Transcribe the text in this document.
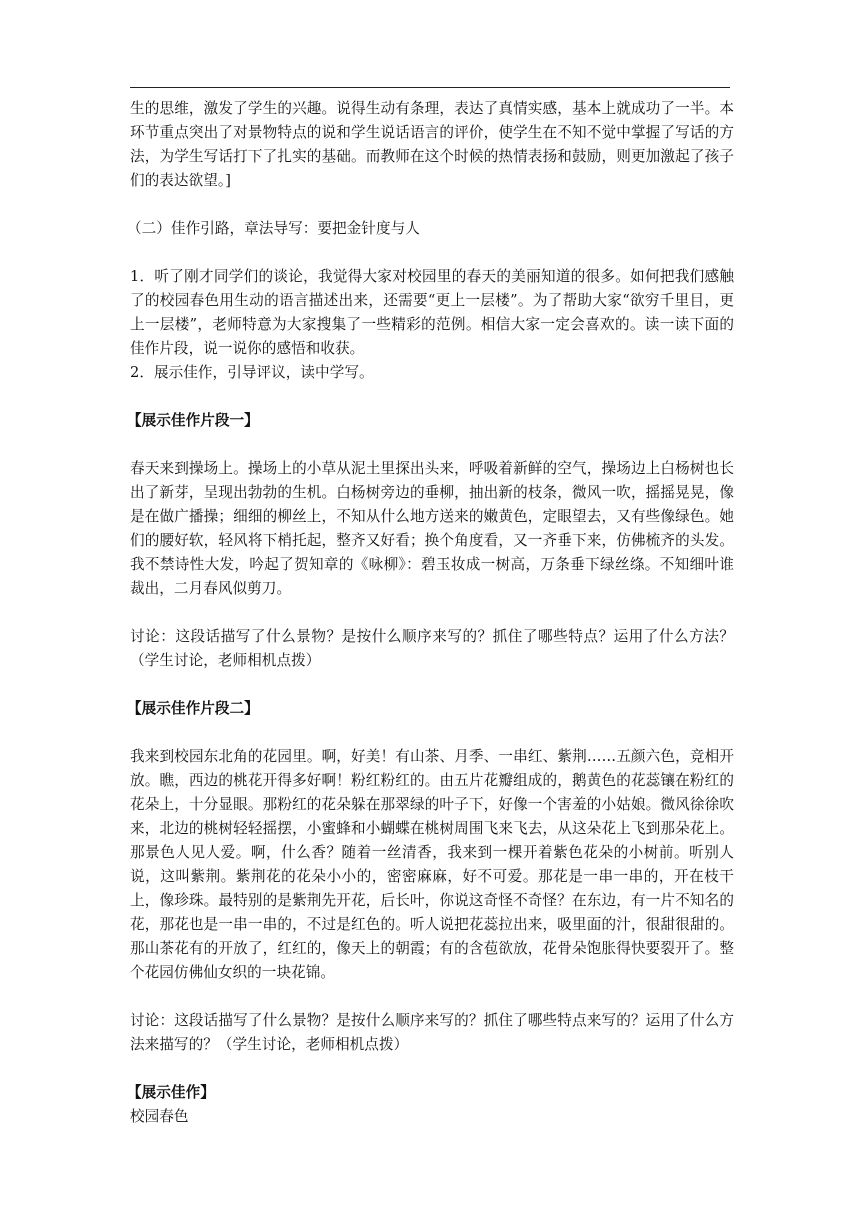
生的思维，激发了学生的兴趣。说得生动有条理，表达了真情实感，基本上就成功了一半。本环节重点突出了对景物特点的说和学生说话语言的评价，使学生在不知不觉中掌握了写话的方法，为学生写话打下了扎实的基础。而教师在这个时候的热情表扬和鼓励，则更加激起了孩子们的表达欲望。]

（二）佳作引路，章法导写：要把金针度与人

1．听了刚才同学们的谈论，我觉得大家对校园里的春天的美丽知道的很多。如何把我们感触了的校园春色用生动的语言描述出来，还需要“更上一层楼”。为了帮助大家“欲穷千里目，更上一层楼”，老师特意为大家搜集了一些精彩的范例。相信大家一定会喜欢的。读一读下面的佳作片段，说一说你的感悟和收获。

2．展示佳作，引导评议，读中学写。

【展示佳作片段一】

春天来到操场上。操场上的小草从泥土里探出头来，呼吸着新鲜的空气，操场边上白杨树也长出了新芽，呈现出勃勃的生机。白杨树旁边的垂柳，抽出新的枝条，微风一吹，摇摇晃晃，像是在做广播操；细细的柳丝上，不知从什么地方送来的嫩黄色，定眼望去，又有些像绿色。她们的腰好软，轻风将下梢托起，整齐又好看；换个角度看，又一齐垂下来，仿佛梳齐的头发。我不禁诗性大发，吟起了贺知章的《咏柳》：碧玉妆成一树高，万条垂下绿丝绦。不知细叶谁裁出，二月春风似剪刀。

讨论：这段话描写了什么景物？是按什么顺序来写的？抓住了哪些特点？运用了什么方法？（学生讨论，老师相机点拨）

【展示佳作片段二】

我来到校园东北角的花园里。啊，好美！有山茶、月季、一串红、紫荆……五颜六色，竞相开放。瞧，西边的桃花开得多好啊！粉红粉红的。由五片花瓣组成的，鹅黄色的花蕊镶在粉红的花朵上，十分显眼。那粉红的花朵躲在那翠绿的叶子下，好像一个害羞的小姑娘。微风徐徐吹来，北边的桃树轻轻摇摆，小蜜蜂和小蝴蝶在桃树周围飞来飞去，从这朵花上飞到那朵花上。那景色人见人爱。啊，什么香？随着一丝清香，我来到一棵开着紫色花朵的小树前。听别人说，这叫紫荆。紫荆花的花朵小小的，密密麻麻，好不可爱。那花是一串一串的，开在枝干上，像珍珠。最特别的是紫荆先开花，后长叶，你说这奇怪不奇怪？在东边，有一片不知名的花，那花也是一串一串的，不过是红色的。听人说把花蕊拉出来，吸里面的汁，很甜很甜的。那山茶花有的开放了，红红的，像天上的朝霞；有的含苞欲放，花骨朵饱胀得快要裂开了。整个花园仿佛仙女织的一块花锦。

讨论：这段话描写了什么景物？是按什么顺序来写的？抓住了哪些特点来写的？运用了什么方法来描写的？（学生讨论，老师相机点拨）

【展示佳作】

校园春色
